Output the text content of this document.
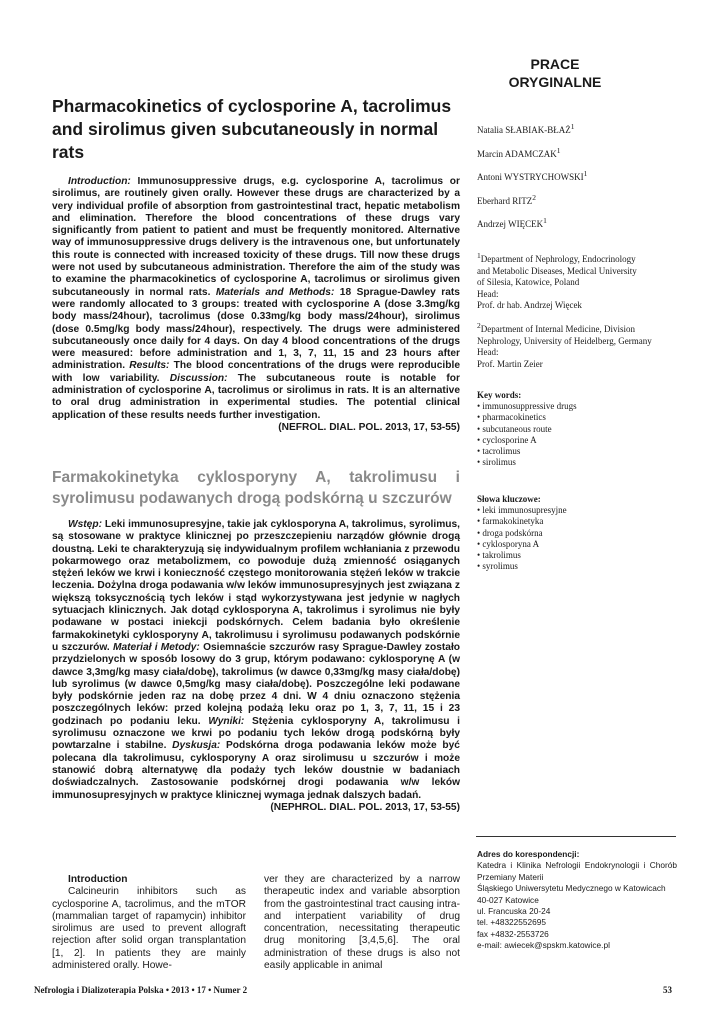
PRACE
ORYGINALNE
Pharmacokinetics of cyclosporine A, tacrolimus and sirolimus given subcutaneously in normal rats
Introduction: Immunosuppressive drugs, e.g. cyclosporine A, tacrolimus or sirolimus, are routinely given orally. However these drugs are characterized by a very individual profile of absorption from gastrointestinal tract, hepatic metabolism and elimination. Therefore the blood concentrations of these drugs vary significantly from patient to patient and must be frequently monitored. Alternative way of immunosuppressive drugs delivery is the intravenous one, but unfortunately this route is connected with increased toxicity of these drugs. Till now these drugs were not used by subcutaneous administration. Therefore the aim of the study was to examine the pharmacokinetics of cyclosporine A, tacrolimus or sirolimus given subcutaneously in normal rats. Materials and Methods: 18 Sprague-Dawley rats were randomly allocated to 3 groups: treated with cyclosporine A (dose 3.3mg/kg body mass/24hour), tacrolimus (dose 0.33mg/kg body mass/24hour), sirolimus (dose 0.5mg/kg body mass/24hour), respectively. The drugs were administered subcutaneously once daily for 4 days. On day 4 blood concentrations of the drugs were measured: before administration and 1, 3, 7, 11, 15 and 23 hours after administration. Results: The blood concentrations of the drugs were reproducible with low variability. Discussion: The subcutaneous route is notable for administration of cyclosporine A, tacrolimus or sirolimus in rats. It is an alternative to oral drug administration in experimental studies. The potential clinical application of these results needs further investigation.
(NEFROL. DIAL. POL. 2013, 17, 53-55)
Farmakokinetyka cyklosporyny A, takrolimusu i syrolimusu podawanych drogą podskórną u szczurów
Wstęp: Leki immunosupresyjne, takie jak cyklosporyna A, takrolimus, syrolimus, są stosowane w praktyce klinicznej po przeszczepieniu narządów głównie drogą doustną. Leki te charakteryzują się indywidualnym profilem wchłaniania z przewodu pokarmowego oraz metabolizmem, co powoduje dużą zmienność osiąganych stężeń leków we krwi i konieczność częstego monitorowania stężeń leków w trakcie leczenia. Dożylna droga podawania w/w leków immunosupresyjnych jest związana z większą toksycznością tych leków i stąd wykorzystywana jest jedynie w nagłych sytuacjach klinicznych. Jak dotąd cyklosporyna A, takrolimus i syrolimus nie były podawane w postaci iniekcji podskórnych. Celem badania było określenie farmakokinetyki cyklosporyny A, takrolimusu i syrolimusu podawanych podskórnie u szczurów. Materiał i Metody: Osiemnaście szczurów rasy Sprague-Dawley zostało przydzielonych w sposób losowy do 3 grup, którym podawano: cyklosporynę A (w dawce 3,3mg/kg masy ciała/dobę), takrolimus (w dawce 0,33mg/kg masy ciała/dobę) lub syrolimus (w dawce 0,5mg/kg masy ciała/dobę). Poszczególne leki podawane były podskórnie jeden raz na dobę przez 4 dni. W 4 dniu oznaczono stężenia poszczególnych leków: przed kolejną podażą leku oraz po 1, 3, 7, 11, 15 i 23 godzinach po podaniu leku. Wyniki: Stężenia cyklosporyny A, takrolimusu i syrolimusu oznaczone we krwi po podaniu tych leków drogą podskórną były powtarzalne i stabilne. Dyskusja: Podskórna droga podawania leków może być polecana dla takrolimusu, cyklosporyny A oraz sirolimusu u szczurów i może stanowić dobrą alternatywę dla podaży tych leków doustnie w badaniach doświadczalnych. Zastosowanie podskórnej drogi podawania w/w leków immunosupresyjnych w praktyce klinicznej wymaga jednak dalszych badań.
(NEPHROL. DIAL. POL. 2013, 17, 53-55)
Natalia SŁABIAK-BŁAŻ$^1$
Marcin ADAMCZAK$^1$
Antoni WYSTRYCHOWSKI$^1$
Eberhard RITZ$^2$
Andrzej WIĘCEK$^1$
$^1$Department of Nephrology, Endocrinology
and Metabolic Diseases, Medical University
of Silesia, Katowice, Poland
Head:
Prof. dr hab. Andrzej Więcek
$^2$Department of Internal Medicine, Division
Nephrology, University of Heidelberg, Germany
Head:
Prof. Martin Zeier
Key words:
• immunosuppressive drugs
• pharmacokinetics
• subcutaneous route
• cyclosporine A
• tacrolimus
• sirolimus
Słowa kluczowe:
• leki immunosupresyjne
• farmakokinetyka
• droga podskórna
• cyklosporyna A
• takrolimus
• syrolimus
Adres do korespondencji:
Katedra i Klinika Nefrologii Endokrynologii i Chorób
Przemiany Materii
Śląskiego Uniwersytetu Medycznego w Katowicach
40-027 Katowice
ul. Francuska 20-24
tel. +48322552695
fax +4832-2553726
e-mail: awiecek@spskm.katowice.pl
Introduction
Calcineurin inhibitors such as cyclosporine A, tacrolimus, and the mTOR (mammalian target of rapamycin) inhibitor sirolimus are used to prevent allograft rejection after solid organ transplantation [1, 2]. In patients they are mainly administered orally. Howe-
ver they are characterized by a narrow therapeutic index and variable absorption from the gastrointestinal tract causing intra- and interpatient variability of drug concentration, necessitating therapeutic drug monitoring [3,4,5,6]. The oral administration of these drugs is also not easily applicable in animal
Nefrologia i Dializoterapia Polska • 2013 • 17 • Numer 2	53
